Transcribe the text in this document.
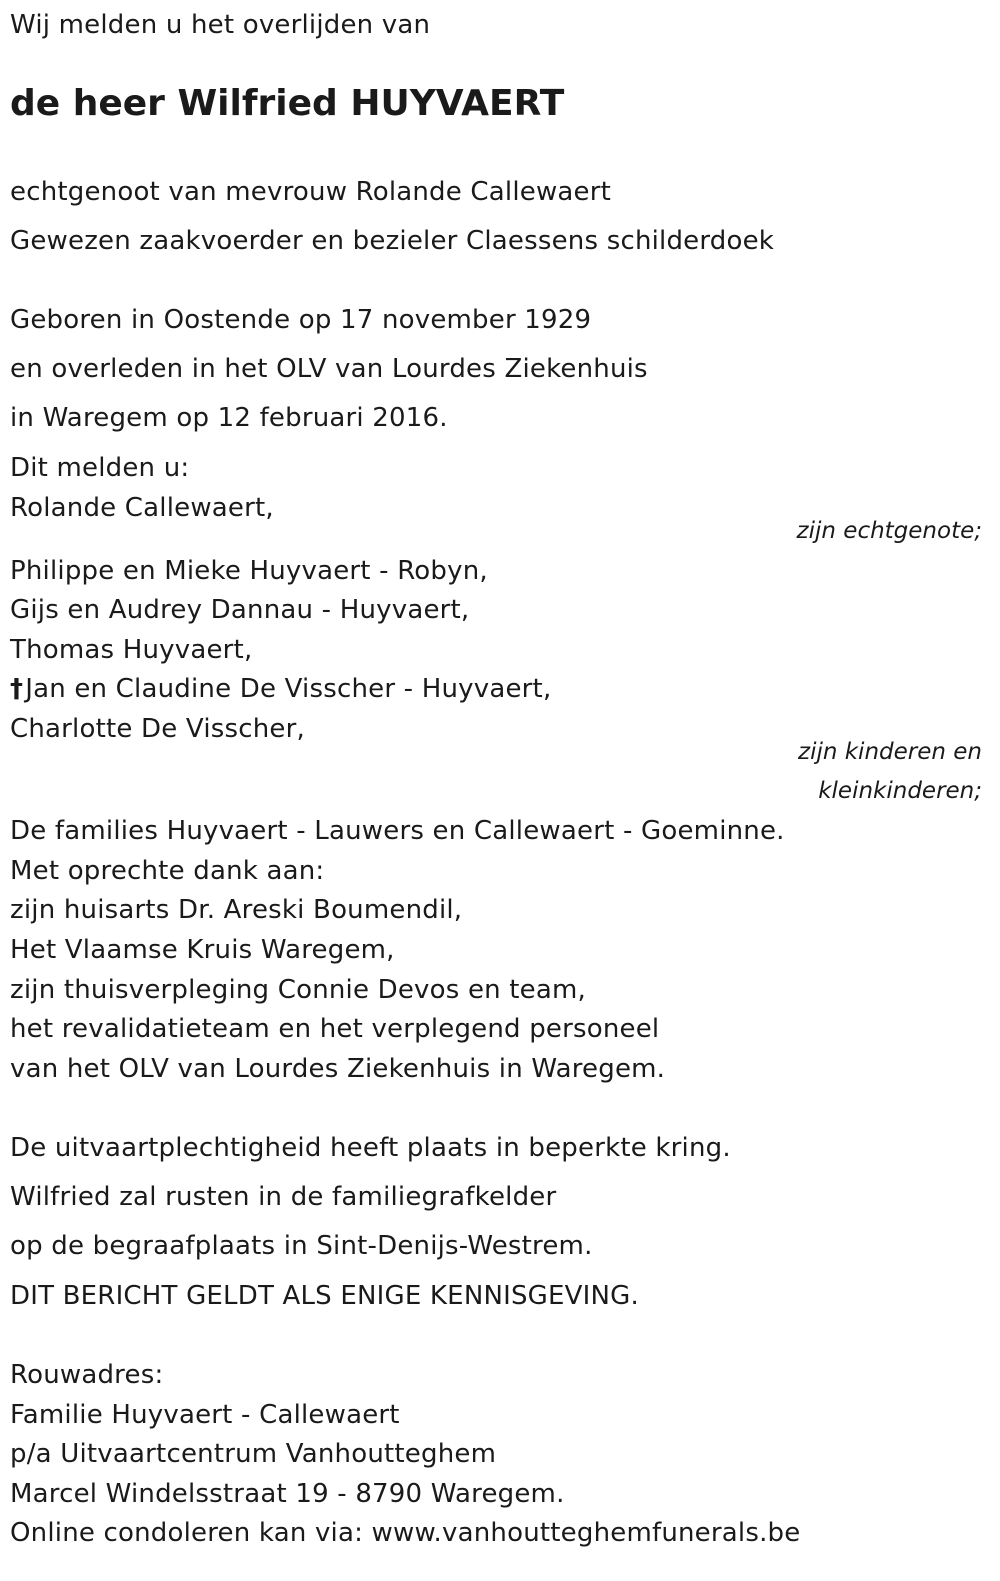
Wij melden u het overlijden van
de heer Wilfried HUYVAERT
echtgenoot van mevrouw Rolande Callewaert
Gewezen zaakvoerder en bezieler Claessens schilderdoek
Geboren in Oostende op 17 november 1929
en overleden in het OLV van Lourdes Ziekenhuis
in Waregem op 12 februari 2016.
Dit melden u:
Rolande Callewaert,
zijn echtgenote;
Philippe en Mieke Huyvaert - Robyn,
Gijs en Audrey Dannau - Huyvaert,
Thomas Huyvaert,
†Jan en Claudine De Visscher - Huyvaert,
Charlotte De Visscher,
zijn kinderen en
kleinkinderen;
De families Huyvaert - Lauwers en Callewaert - Goeminne.
Met oprechte dank aan:
zijn huisarts Dr. Areski Boumendil,
Het Vlaamse Kruis Waregem,
zijn thuisverpleging Connie Devos en team,
het revalidatieteam en het verplegend personeel
van het OLV van Lourdes Ziekenhuis in Waregem.
De uitvaartplechtigheid heeft plaats in beperkte kring.
Wilfried zal rusten in de familiegrafkelder
op de begraafplaats in Sint-Denijs-Westrem.
DIT BERICHT GELDT ALS ENIGE KENNISGEVING.
Rouwadres:
Familie Huyvaert - Callewaert
p/a Uitvaartcentrum Vanhoutteghem
Marcel Windelsstraat 19 - 8790 Waregem.
Online condoleren kan via: www.vanhoutteghemfunerals.be
